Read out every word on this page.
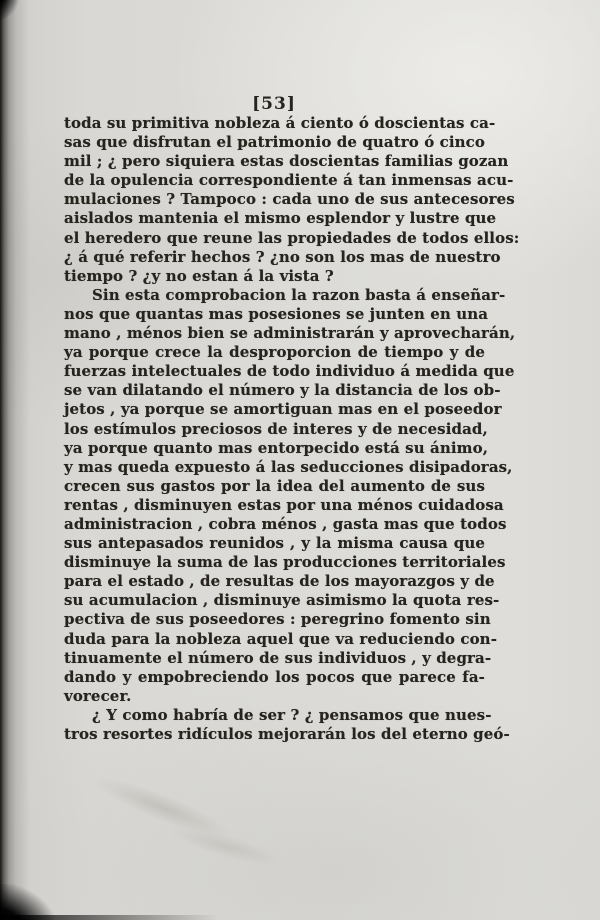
[53]
toda su primitiva nobleza á ciento ó doscientas ca-
sas que disfrutan el patrimonio de quatro ó cinco
mil ; ¿ pero siquiera estas doscientas familias gozan
de la opulencia correspondiente á tan inmensas acu-
mulaciones ? Tampoco : cada uno de sus antecesores
aislados mantenia el mismo esplendor y lustre que
el heredero que reune las propiedades de todos ellos:
¿ á qué referir hechos ? ¿no son los mas de nuestro
tiempo ? ¿y no estan á la vista ?
Sin esta comprobacion la razon basta á enseñar-
nos que quantas mas posesiones se junten en una
mano , ménos bien se administrarán y aprovecharán,
ya porque crece la desproporcion de tiempo y de
fuerzas intelectuales de todo individuo á medida que
se van dilatando el número y la distancia de los ob-
jetos , ya porque se amortiguan mas en el poseedor
los estímulos preciosos de interes y de necesidad,
ya porque quanto mas entorpecido está su ánimo,
y mas queda expuesto á las seducciones disipadoras,
crecen sus gastos por la idea del aumento de sus
rentas , disminuyen estas por una ménos cuidadosa
administracion , cobra ménos , gasta mas que todos
sus antepasados reunidos , y la misma causa que
disminuye la suma de las producciones territoriales
para el estado , de resultas de los mayorazgos y de
su acumulacion , disminuye asimismo la quota res-
pectiva de sus poseedores : peregrino fomento sin
duda para la nobleza aquel que va reduciendo con-
tinuamente el número de sus individuos , y degra-
dando y empobreciendo los pocos que parece fa-
vorecer.
¿ Y como habría de ser ? ¿ pensamos que nues-
tros resortes ridículos mejorarán los del eterno geó-
